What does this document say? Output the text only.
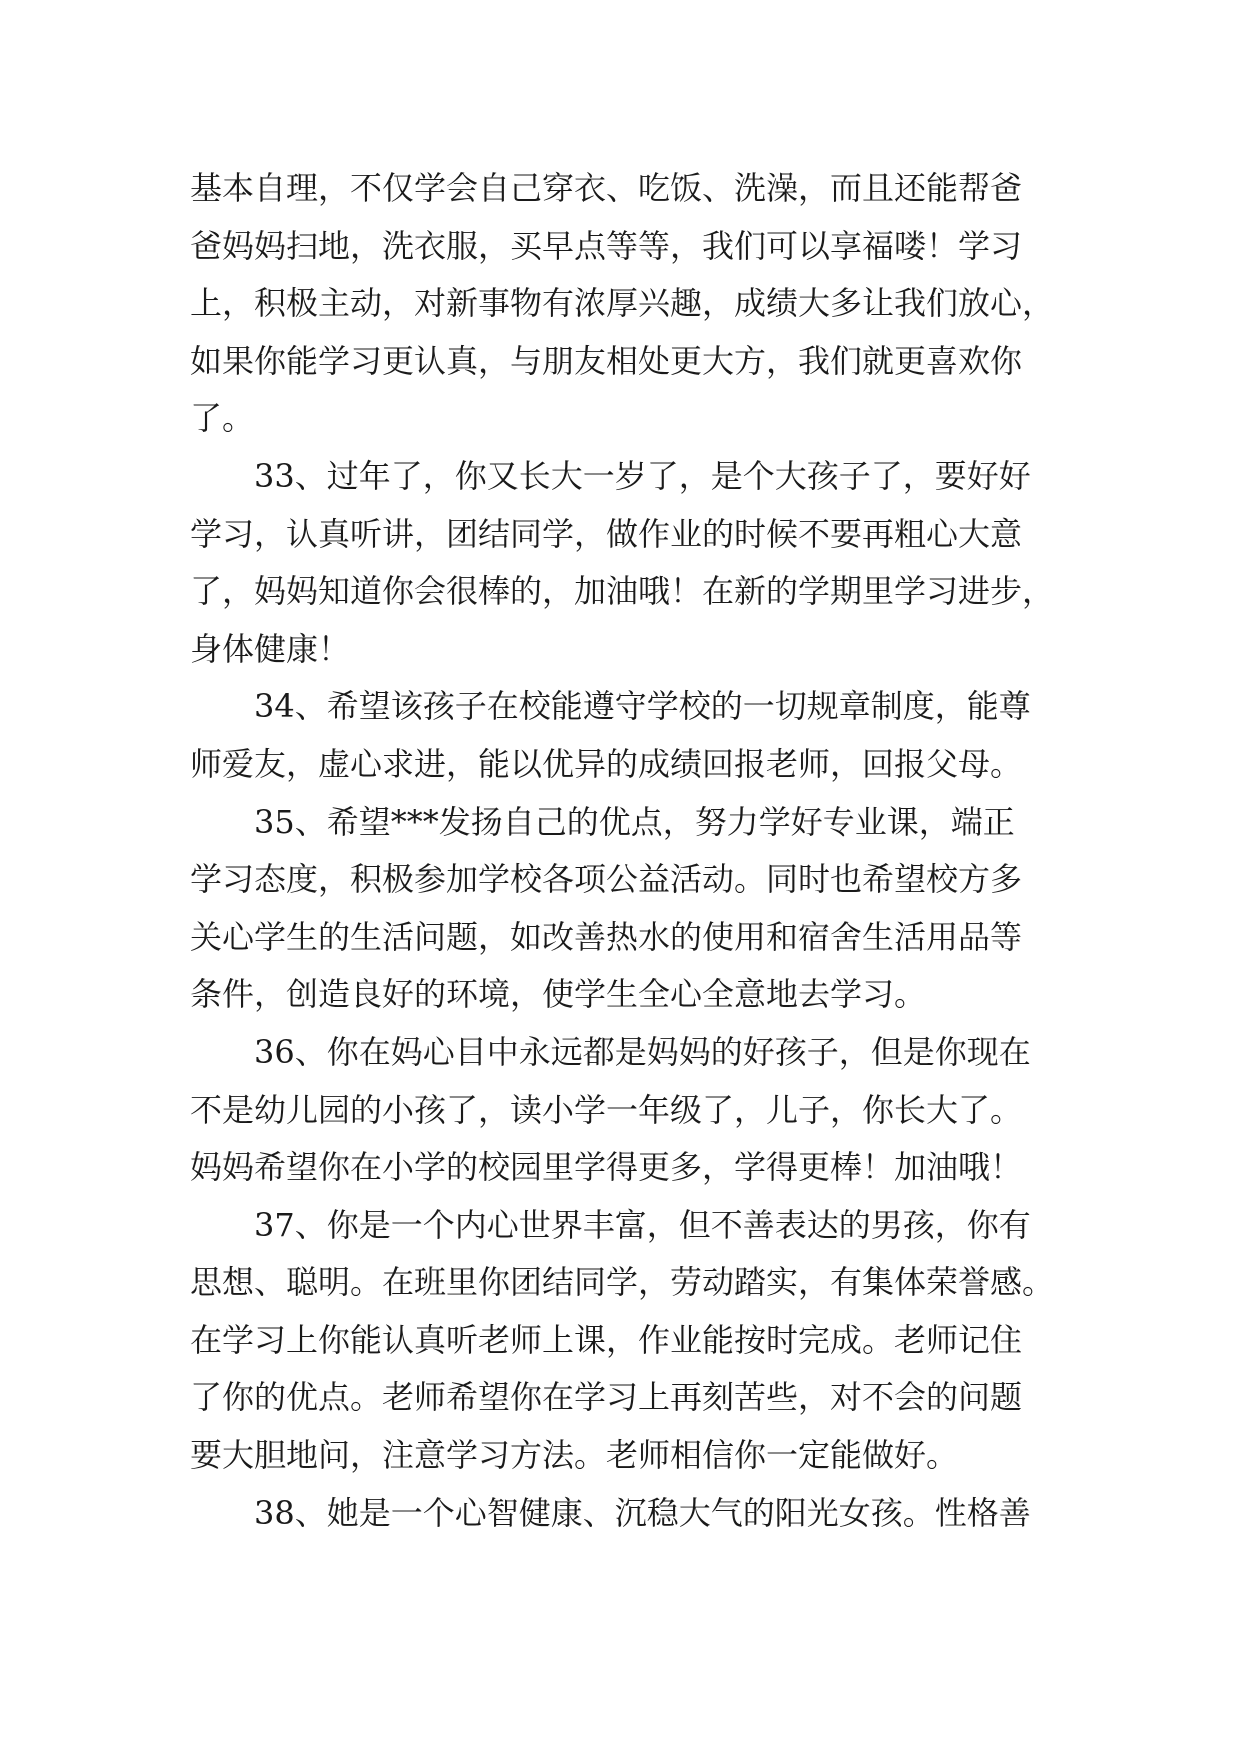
基本自理，不仅学会自己穿衣、吃饭、洗澡，而且还能帮爸
爸妈妈扫地，洗衣服，买早点等等，我们可以享福喽！学习
上，积极主动，对新事物有浓厚兴趣，成绩大多让我们放心，
如果你能学习更认真，与朋友相处更大方，我们就更喜欢你
了。
33、过年了，你又长大一岁了，是个大孩子了，要好好
学习，认真听讲，团结同学，做作业的时候不要再粗心大意
了，妈妈知道你会很棒的，加油哦！在新的学期里学习进步，
身体健康！
34、希望该孩子在校能遵守学校的一切规章制度，能尊
师爱友，虚心求进，能以优异的成绩回报老师，回报父母。
35、希望***发扬自己的优点，努力学好专业课，端正
学习态度，积极参加学校各项公益活动。同时也希望校方多
关心学生的生活问题，如改善热水的使用和宿舍生活用品等
条件，创造良好的环境，使学生全心全意地去学习。
36、你在妈心目中永远都是妈妈的好孩子，但是你现在
不是幼儿园的小孩了，读小学一年级了，儿子，你长大了。
妈妈希望你在小学的校园里学得更多，学得更棒！加油哦！
37、你是一个内心世界丰富，但不善表达的男孩，你有
思想、聪明。在班里你团结同学，劳动踏实，有集体荣誉感。
在学习上你能认真听老师上课，作业能按时完成。老师记住
了你的优点。老师希望你在学习上再刻苦些，对不会的问题
要大胆地问，注意学习方法。老师相信你一定能做好。
38、她是一个心智健康、沉稳大气的阳光女孩。性格善
